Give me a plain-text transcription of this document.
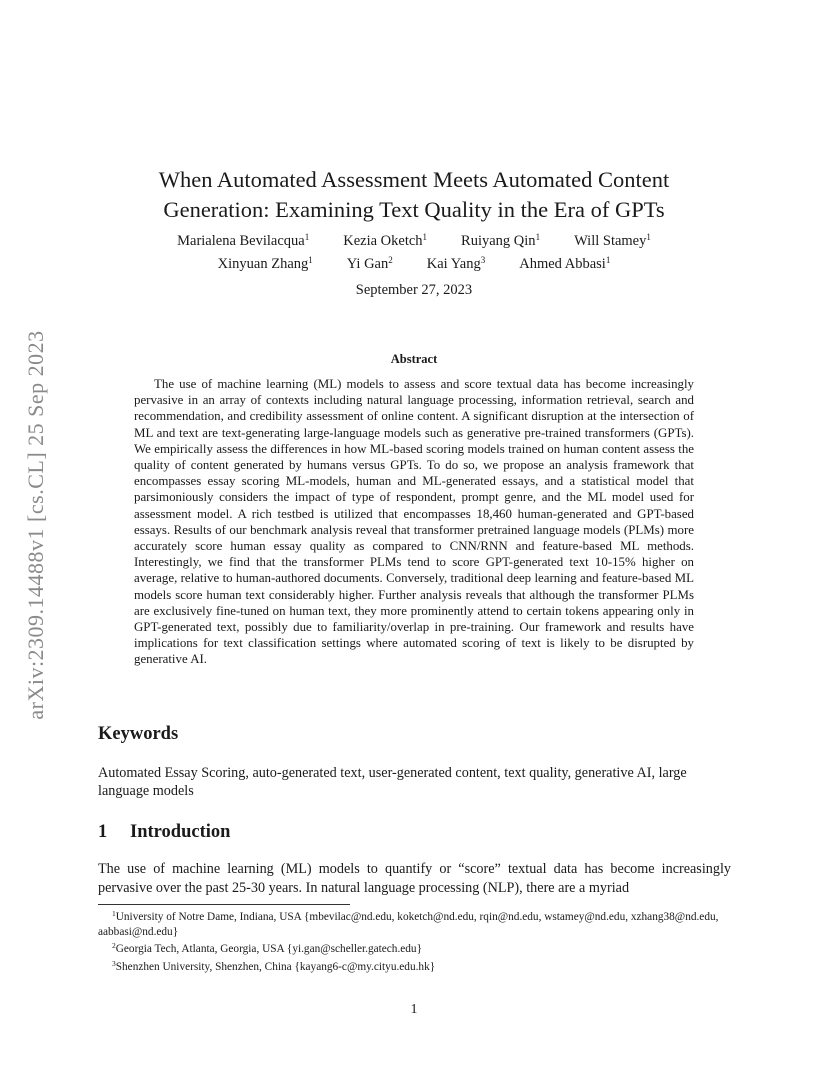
arXiv:2309.14488v1 [cs.CL] 25 Sep 2023
When Automated Assessment Meets Automated Content
Generation: Examining Text Quality in the Era of GPTs
Marialena Bevilacqua$^1$ Kezia Oketch$^1$ Ruiyang Qin$^1$ Will Stamey$^1$
Xinyuan Zhang$^1$ Yi Gan$^2$ Kai Yang$^3$ Ahmed Abbasi$^1$
September 27, 2023
Abstract

The use of machine learning (ML) models to assess and score textual data has become increasingly pervasive in an array of contexts including natural language processing, information retrieval, search and recommendation, and credibility assessment of online content. A significant disruption at the intersection of ML and text are text-generating large-language models such as generative pre-trained transformers (GPTs). We empirically assess the differences in how ML-based scoring models trained on human content assess the quality of content generated by humans versus GPTs. To do so, we propose an analysis framework that encompasses essay scoring ML-models, human and ML-generated essays, and a statistical model that parsimoniously considers the impact of type of respondent, prompt genre, and the ML model used for assessment model. A rich testbed is utilized that encompasses 18,460 human-generated and GPT-based essays. Results of our benchmark analysis reveal that transformer pretrained language models (PLMs) more accurately score human essay quality as compared to CNN/RNN and feature-based ML methods. Interestingly, we find that the transformer PLMs tend to score GPT-generated text 10-15% higher on average, relative to human-authored documents. Conversely, traditional deep learning and feature-based ML models score human text considerably higher. Further analysis reveals that although the transformer PLMs are exclusively fine-tuned on human text, they more prominently attend to certain tokens appearing only in GPT-generated text, possibly due to familiarity/overlap in pre-training. Our framework and results have implications for text classification settings where automated scoring of text is likely to be disrupted by generative AI.

Keywords

Automated Essay Scoring, auto-generated text, user-generated content, text quality, generative AI, large language models

1 Introduction

The use of machine learning (ML) models to quantify or “score” textual data has become increasingly pervasive over the past 25-30 years. In natural language processing (NLP), there are a myriad

$^1$University of Notre Dame, Indiana, USA {mbevilac@nd.edu, koketch@nd.edu, rqin@nd.edu, wstamey@nd.edu, xzhang38@nd.edu, aabbasi@nd.edu}

$^2$Georgia Tech, Atlanta, Georgia, USA {yi.gan@scheller.gatech.edu}

$^3$Shenzhen University, Shenzhen, China {kayang6-c@my.cityu.edu.hk}

1
